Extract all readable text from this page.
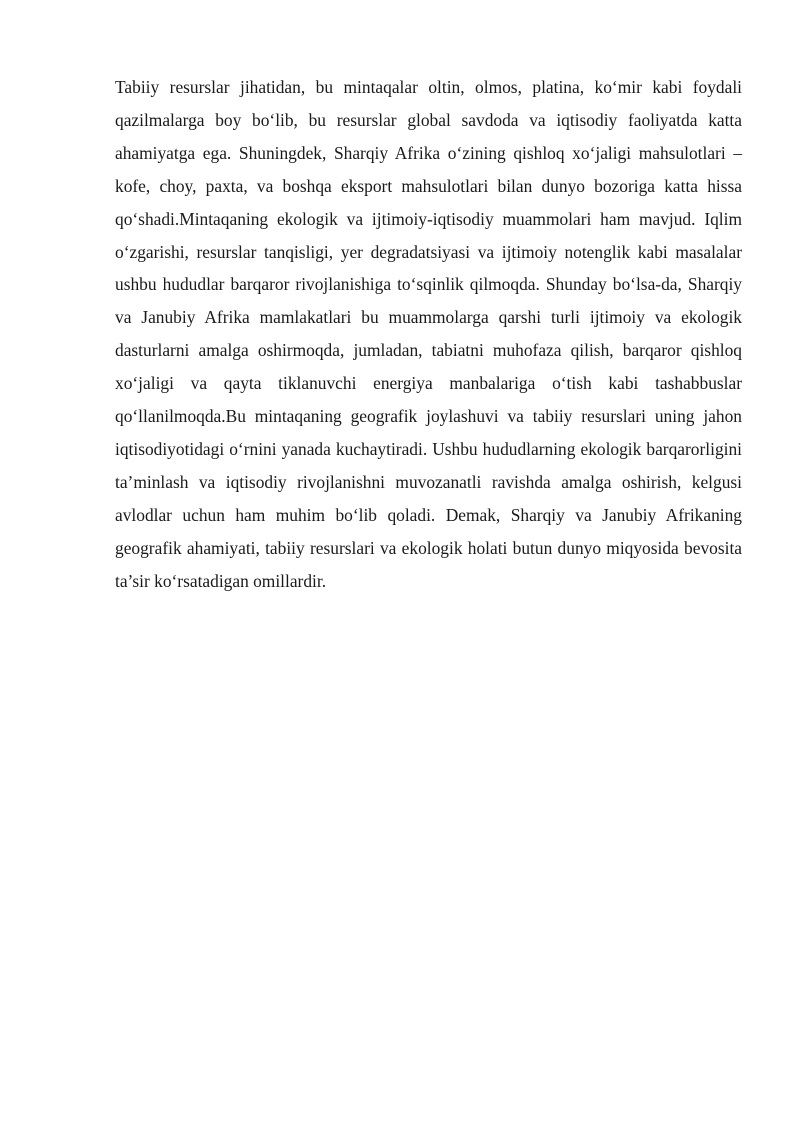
Tabiiy resurslar jihatidan, bu mintaqalar oltin, olmos, platina, ko‘mir kabi foydali qazilmalarga boy bo‘lib, bu resurslar global savdoda va iqtisodiy faoliyatda katta ahamiyatga ega. Shuningdek, Sharqiy Afrika o‘zining qishloq xo‘jaligi mahsulotlari – kofe, choy, paxta, va boshqa eksport mahsulotlari bilan dunyo bozoriga katta hissa qo‘shadi.Mintaqaning ekologik va ijtimoiy-iqtisodiy muammolari ham mavjud. Iqlim o‘zgarishi, resurslar tanqisligi, yer degradatsiyasi va ijtimoiy notenglik kabi masalalar ushbu hududlar barqaror rivojlanishiga to‘sqinlik qilmoqda. Shunday bo‘lsa-da, Sharqiy va Janubiy Afrika mamlakatlari bu muammolarga qarshi turli ijtimoiy va ekologik dasturlarni amalga oshirmoqda, jumladan, tabiatni muhofaza qilish, barqaror qishloq xo‘jaligi va qayta tiklanuvchi energiya manbalariga o‘tish kabi tashabbuslar qo‘llanilmoqda.Bu mintaqaning geografik joylashuvi va tabiiy resurslari uning jahon iqtisodiyotidagi o‘rnini yanada kuchaytiradi. Ushbu hududlarning ekologik barqarorligini ta’minlash va iqtisodiy rivojlanishni muvozanatli ravishda amalga oshirish, kelgusi avlodlar uchun ham muhim bo‘lib qoladi. Demak, Sharqiy va Janubiy Afrikaning geografik ahamiyati, tabiiy resurslari va ekologik holati butun dunyo miqyosida bevosita ta’sir ko‘rsatadigan omillardir.
